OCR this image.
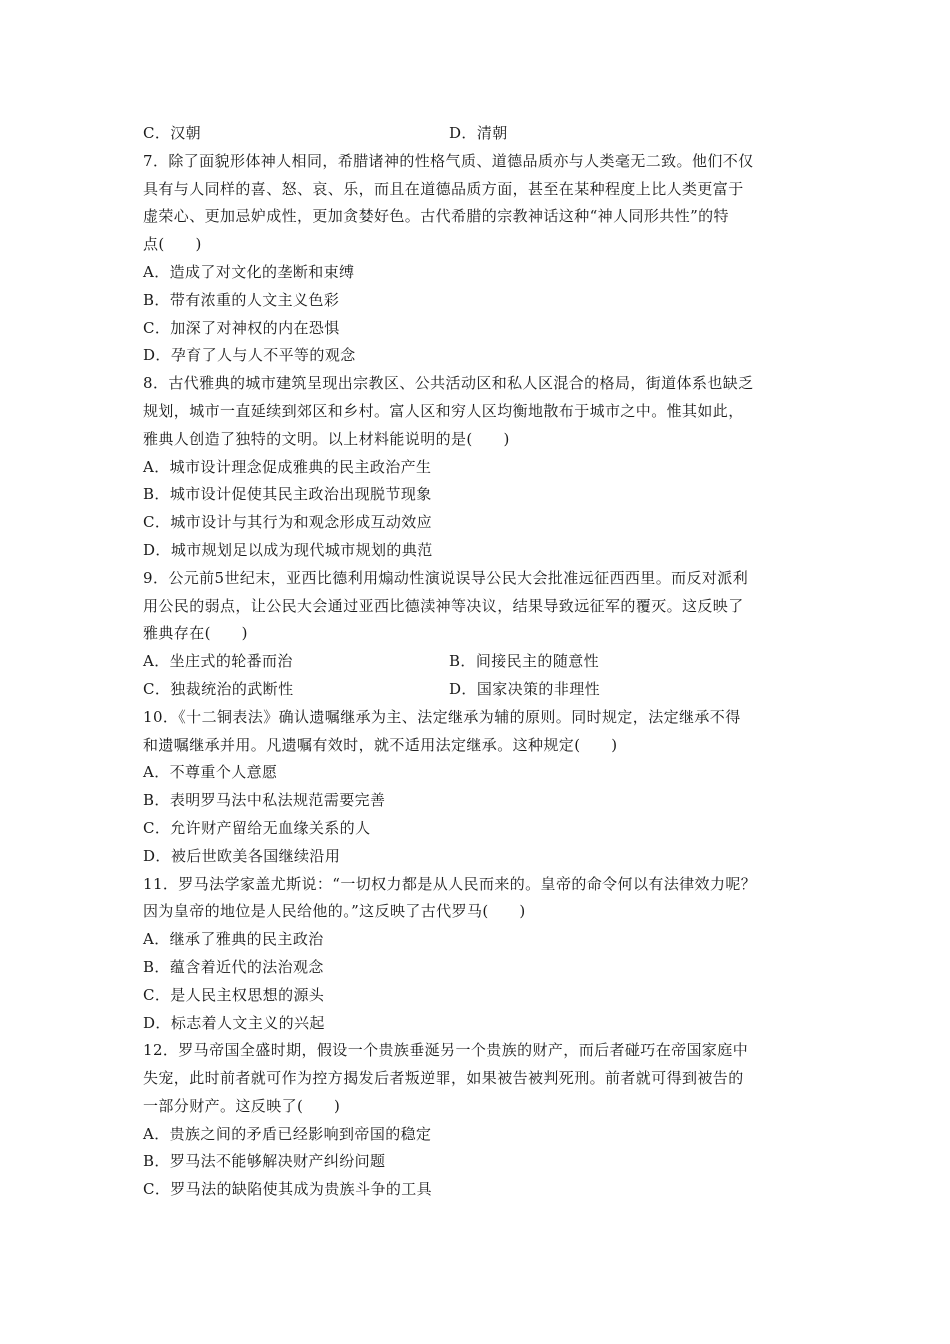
C．汉朝	D．清朝
7．除了面貌形体神人相同，希腊诸神的性格气质、道德品质亦与人类毫无二致。他们不仅
具有与人同样的喜、怒、哀、乐，而且在道德品质方面，甚至在某种程度上比人类更富于
虚荣心、更加忌妒成性，更加贪婪好色。古代希腊的宗教神话这种“神人同形共性”的特
点(　　)
A．造成了对文化的垄断和束缚
B．带有浓重的人文主义色彩
C．加深了对神权的内在恐惧
D．孕育了人与人不平等的观念
8．古代雅典的城市建筑呈现出宗教区、公共活动区和私人区混合的格局，街道体系也缺乏
规划，城市一直延续到郊区和乡村。富人区和穷人区均衡地散布于城市之中。惟其如此，
雅典人创造了独特的文明。以上材料能说明的是(　　)
A．城市设计理念促成雅典的民主政治产生
B．城市设计促使其民主政治出现脱节现象
C．城市设计与其行为和观念形成互动效应
D．城市规划足以成为现代城市规划的典范
9．公元前5世纪末，亚西比德利用煽动性演说误导公民大会批准远征西西里。而反对派利
用公民的弱点，让公民大会通过亚西比德渎神等决议，结果导致远征军的覆灭。这反映了
雅典存在(　　)
A．坐庄式的轮番而治	B．间接民主的随意性
C．独裁统治的武断性	D．国家决策的非理性
10．《十二铜表法》确认遗嘱继承为主、法定继承为辅的原则。同时规定，法定继承不得
和遗嘱继承并用。凡遗嘱有效时，就不适用法定继承。这种规定(　　)
A．不尊重个人意愿
B．表明罗马法中私法规范需要完善
C．允许财产留给无血缘关系的人
D．被后世欧美各国继续沿用
11．罗马法学家盖尤斯说：“一切权力都是从人民而来的。皇帝的命令何以有法律效力呢？
因为皇帝的地位是人民给他的。”这反映了古代罗马(　　)
A．继承了雅典的民主政治
B．蕴含着近代的法治观念
C．是人民主权思想的源头
D．标志着人文主义的兴起
12．罗马帝国全盛时期，假设一个贵族垂涎另一个贵族的财产，而后者碰巧在帝国家庭中
失宠，此时前者就可作为控方揭发后者叛逆罪，如果被告被判死刑。前者就可得到被告的
一部分财产。这反映了(　　)
A．贵族之间的矛盾已经影响到帝国的稳定
B．罗马法不能够解决财产纠纷问题
C．罗马法的缺陷使其成为贵族斗争的工具
